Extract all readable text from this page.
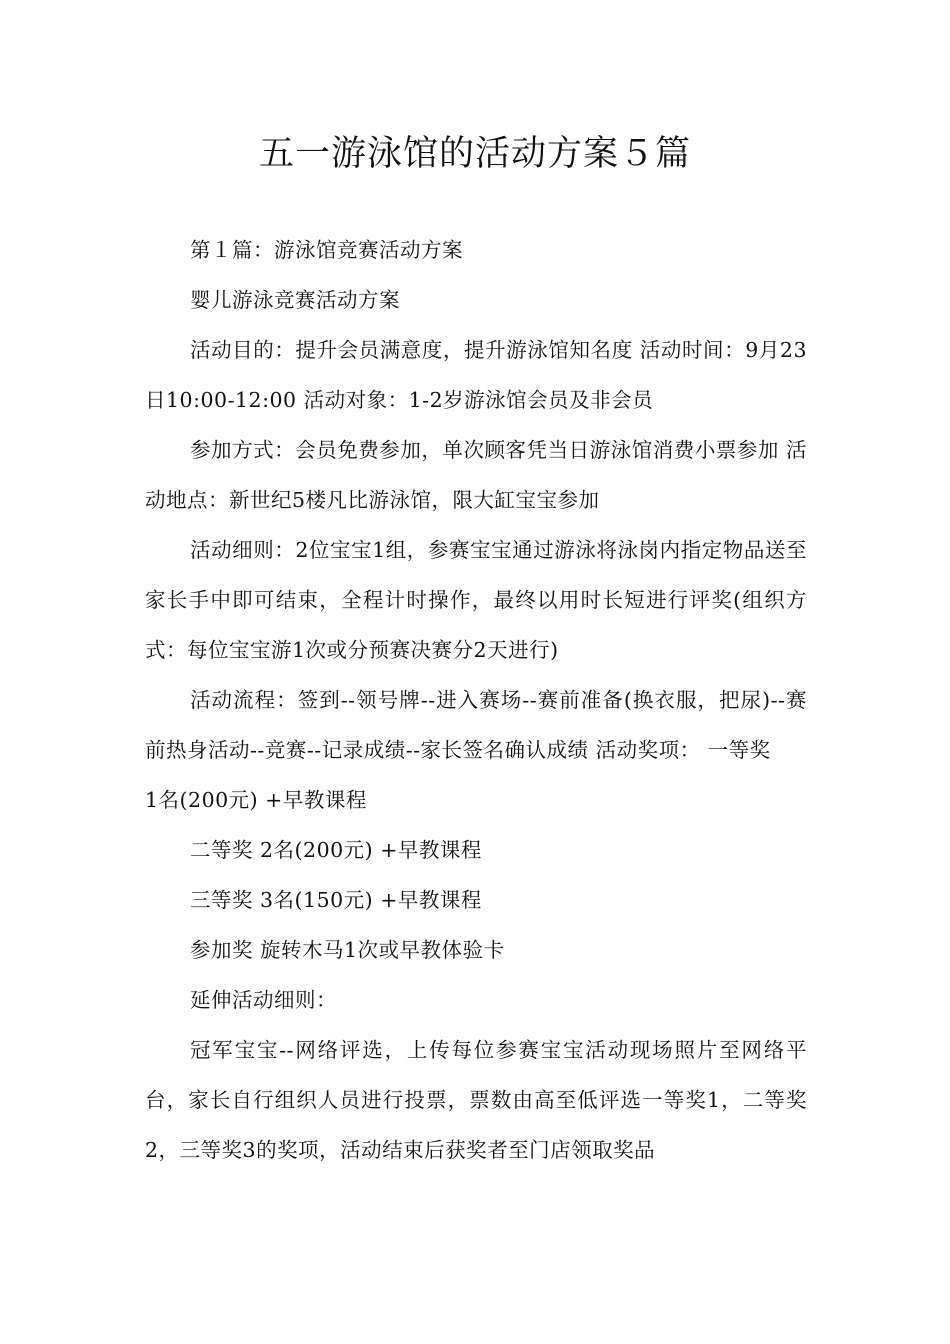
五一游泳馆的活动方案５篇

第１篇：游泳馆竞赛活动方案

婴儿游泳竞赛活动方案

活动目的：提升会员满意度，提升游泳馆知名度 活动时间：9月23日10:00-12:00 活动对象：1-2岁游泳馆会员及非会员

参加方式：会员免费参加，单次顾客凭当日游泳馆消费小票参加 活动地点：新世纪5楼凡比游泳馆，限大缸宝宝参加

活动细则：2位宝宝1组，参赛宝宝通过游泳将泳岗内指定物品送至家长手中即可结束，全程计时操作，最终以用时长短进行评奖(组织方式：每位宝宝游1次或分预赛决赛分2天进行)

活动流程：签到--领号牌--进入赛场--赛前准备(换衣服，把尿)--赛前热身活动--竞赛--记录成绩--家长签名确认成绩 活动奖项： 一等奖

1名(200元) +早教课程

二等奖 2名(200元) +早教课程

三等奖 3名(150元) +早教课程

参加奖 旋转木马1次或早教体验卡

延伸活动细则：

冠军宝宝--网络评选，上传每位参赛宝宝活动现场照片至网络平台，家长自行组织人员进行投票，票数由高至低评选一等奖1，二等奖2，三等奖3的奖项，活动结束后获奖者至门店领取奖品
